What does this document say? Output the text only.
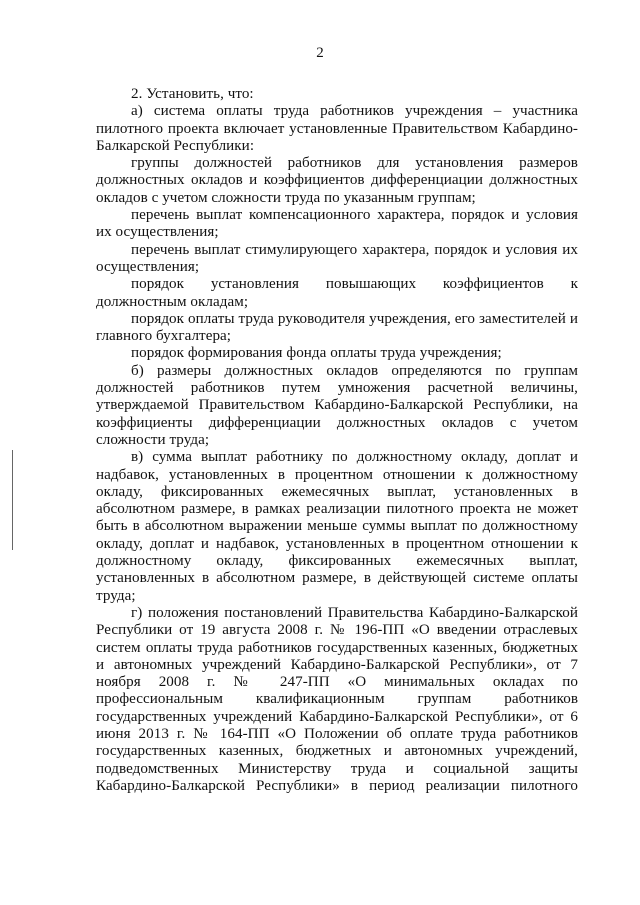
2

2. Установить, что:

а) система оплаты труда работников учреждения – участника пилотного проекта включает установленные Правительством Кабардино-Балкарской Республики:

группы должностей работников для установления размеров должностных окладов и коэффициентов дифференциации должностных окладов с учетом сложности труда по указанным группам;

перечень выплат компенсационного характера, порядок и условия их осуществления;

перечень выплат стимулирующего характера, порядок и условия их осуществления;

порядок установления повышающих коэффициентов к должностным окладам;

порядок оплаты труда руководителя учреждения, его заместителей и главного бухгалтера;

порядок формирования фонда оплаты труда учреждения;

б) размеры должностных окладов определяются по группам должностей работников путем умножения расчетной величины, утверждаемой Правительством Кабардино-Балкарской Республики, на коэффициенты дифференциации должностных окладов с учетом сложности труда;

в) сумма выплат работнику по должностному окладу, доплат и надбавок, установленных в процентном отношении к должностному окладу, фиксированных ежемесячных выплат, установленных в абсолютном размере, в рамках реализации пилотного проекта не может быть в абсолютном выражении меньше суммы выплат по должностному окладу, доплат и надбавок, установленных в процентном отношении к должностному окладу, фиксированных ежемесячных выплат, установленных в абсолютном размере, в действующей системе оплаты труда;

г) положения постановлений Правительства Кабардино-Балкарской Республики от 19 августа 2008 г. № 196-ПП «О введении отраслевых систем оплаты труда работников государственных казенных, бюджетных и автономных учреждений Кабардино-Балкарской Республики», от 7 ноября 2008 г. № 247-ПП «О минимальных окладах по профессиональным квалификационным группам работников государственных учреждений Кабардино-Балкарской Республики», от 6 июня 2013 г. № 164-ПП «О Положении об оплате труда работников государственных казенных, бюджетных и автономных учреждений, подведомственных Министерству труда и социальной защиты Кабардино-Балкарской Республики» в период реализации пилотного
